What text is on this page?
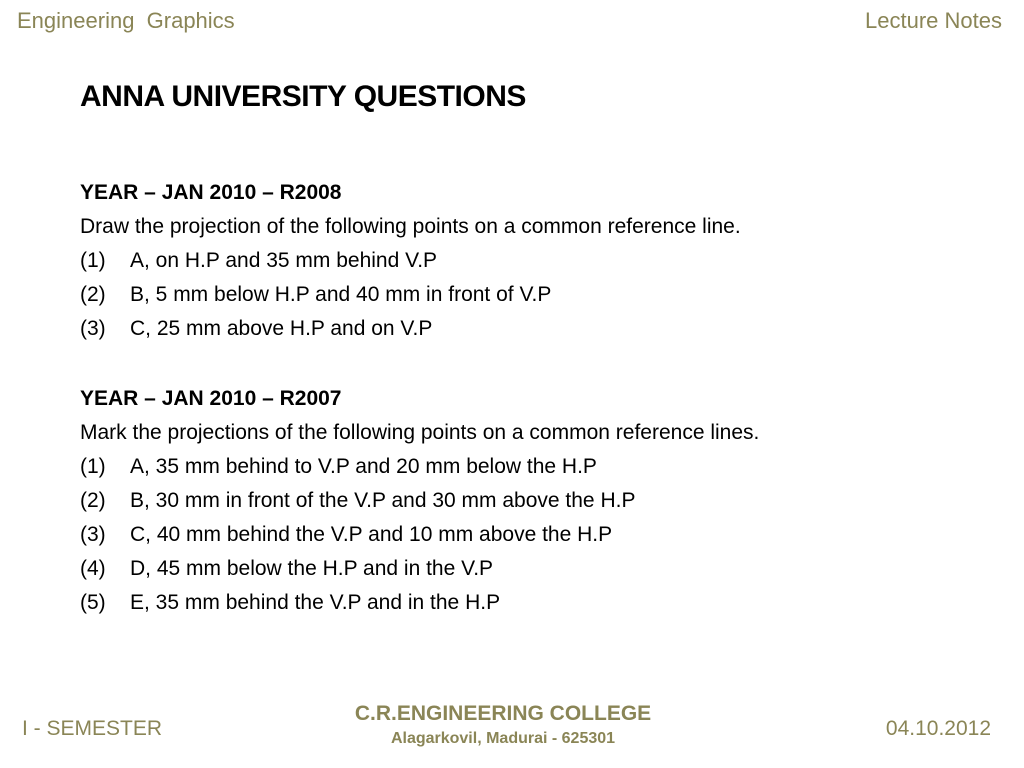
Engineering  Graphics	Lecture Notes
ANNA UNIVERSITY QUESTIONS
YEAR – JAN 2010 – R2008
Draw the projection of the following points on a common reference line.
(1)	A, on H.P and 35 mm behind V.P
(2)	B, 5 mm below H.P and 40 mm in front of V.P
(3)	C, 25 mm above H.P and on V.P
YEAR – JAN 2010 – R2007
Mark the projections of the following points on a common reference lines.
(1)	A, 35 mm behind to V.P and 20 mm below the H.P
(2)	B, 30 mm in front of the V.P and 30 mm above the H.P
(3)	C, 40 mm behind the V.P and 10 mm above the H.P
(4)	D, 45 mm below the H.P and in the V.P
(5)	E, 35 mm behind the V.P and in the H.P
I - SEMESTER
C.R.ENGINEERING COLLEGE
Alagarkovil, Madurai - 625301	04.10.2012
